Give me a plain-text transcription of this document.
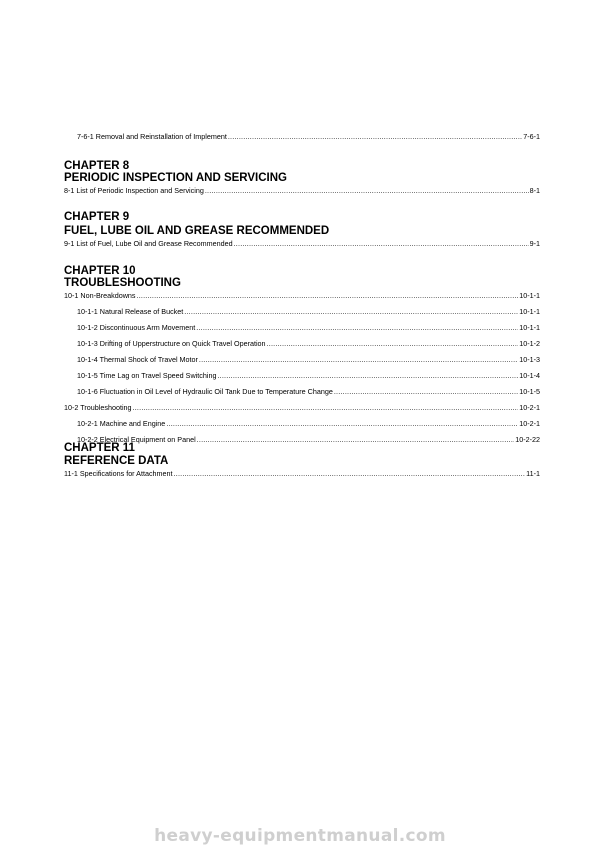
7-6-1 Removal and Reinstallation of Implement .....	7-6-1
CHAPTER 8
PERIODIC INSPECTION AND SERVICING
8-1 List of Periodic Inspection and Servicing .....	8-1
CHAPTER 9
FUEL, LUBE OIL AND GREASE RECOMMENDED
9-1 List of Fuel, Lube Oil and Grease Recommended .....	9-1
CHAPTER 10
TROUBLESHOOTING
10-1 Non-Breakdowns .....	10-1-1
10-1-1 Natural Release of Bucket .....	10-1-1
10-1-2 Discontinuous Arm Movement .....	10-1-1
10-1-3 Drifting of Upperstructure on Quick Travel Operation .....	10-1-2
10-1-4 Thermal Shock of Travel Motor .....	10-1-3
10-1-5 Time Lag on Travel Speed Switching .....	10-1-4
10-1-6 Fluctuation in Oil Level of Hydraulic Oil Tank Due to Temperature Change .....	10-1-5
10-2 Troubleshooting .....	10-2-1
10-2-1 Machine and Engine .....	10-2-1
10-2-2 Electrical Equipment on Panel .....	10-2-22
CHAPTER 11
REFERENCE DATA
11-1 Specifications for Attachment .....	11-1
heavy-equipmentmanual.com
